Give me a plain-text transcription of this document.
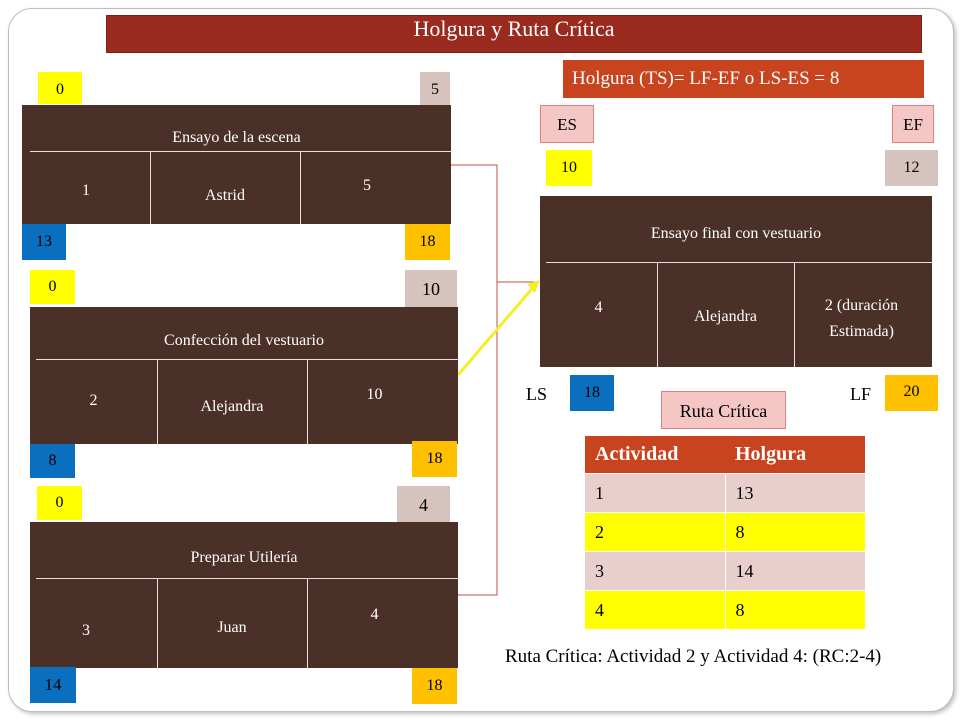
Holgura y Ruta Crítica
Holgura (TS)= LF-EF o LS-ES = 8
0	5
Ensayo de la escena
1	Astrid
5
13	18
0	10
Confección del vestuario
2	Alejandra
10
8	18
0	4
Preparar Utilería
3	Juan
4
14	18
ES	EF
10	12
Ensayo final con vestuario
4
Alejandra
2 (duración
Estimada)
LS	18	LF	20
Ruta Crítica
Actividad	Holgura
1	13
2	8
3	14
4	8
Ruta Crítica: Actividad 2 y Actividad 4: (RC:2-4)
